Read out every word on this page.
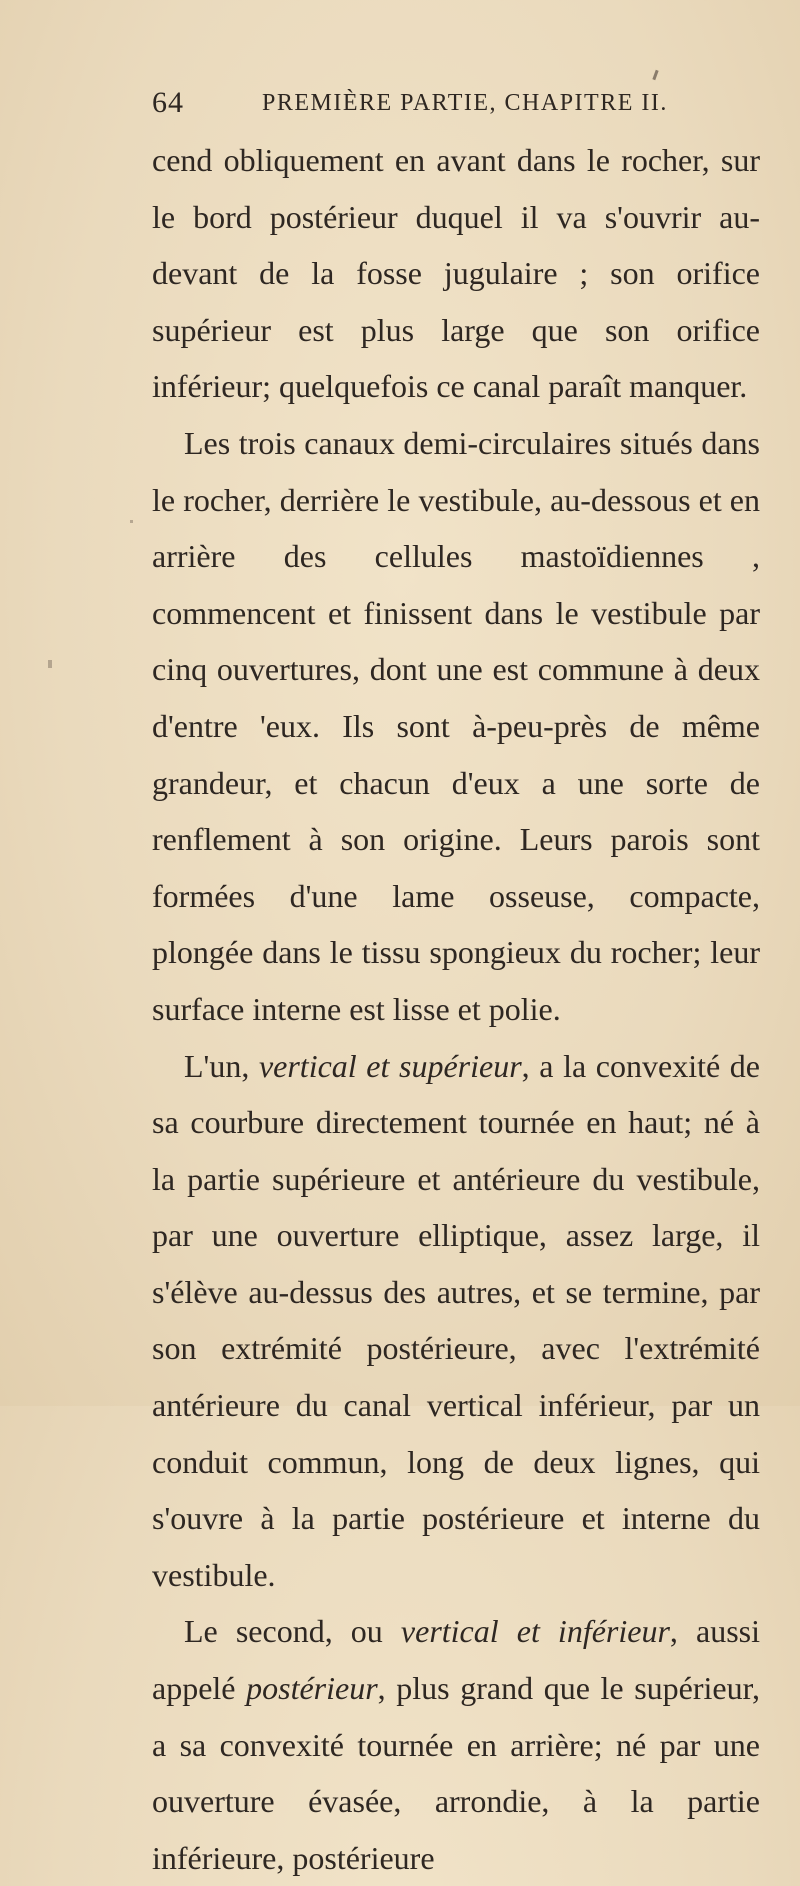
64	PREMIÈRE PARTIE, CHAPITRE II.

cend obliquement en avant dans le rocher, sur le bord postérieur duquel il va s'ouvrir au-devant de la fosse jugulaire ; son orifice supérieur est plus large que son orifice inférieur; quelquefois ce canal paraît manquer.

Les trois canaux demi-circulaires situés dans le rocher, derrière le vestibule, au-dessous et en arrière des cellules mastoïdiennes , commencent et finissent dans le vestibule par cinq ouvertures, dont une est commune à deux d'entre 'eux. Ils sont à-peu-près de même grandeur, et chacun d'eux a une sorte de renflement à son origine. Leurs parois sont formées d'une lame osseuse, compacte, plongée dans le tissu spongieux du rocher; leur surface interne est lisse et polie.

L'un, vertical et supérieur, a la convexité de sa courbure directement tournée en haut; né à la partie supérieure et antérieure du vestibule, par une ouverture elliptique, assez large, il s'élève au-dessus des autres, et se termine, par son extrémité postérieure, avec l'extrémité antérieure du canal vertical inférieur, par un conduit commun, long de deux lignes, qui s'ouvre à la partie postérieure et interne du vestibule.

Le second, ou vertical et inférieur, aussi appelé postérieur, plus grand que le supérieur, a sa convexité tournée en arrière; né par une ouverture évasée, arrondie, à la partie inférieure, postérieure
